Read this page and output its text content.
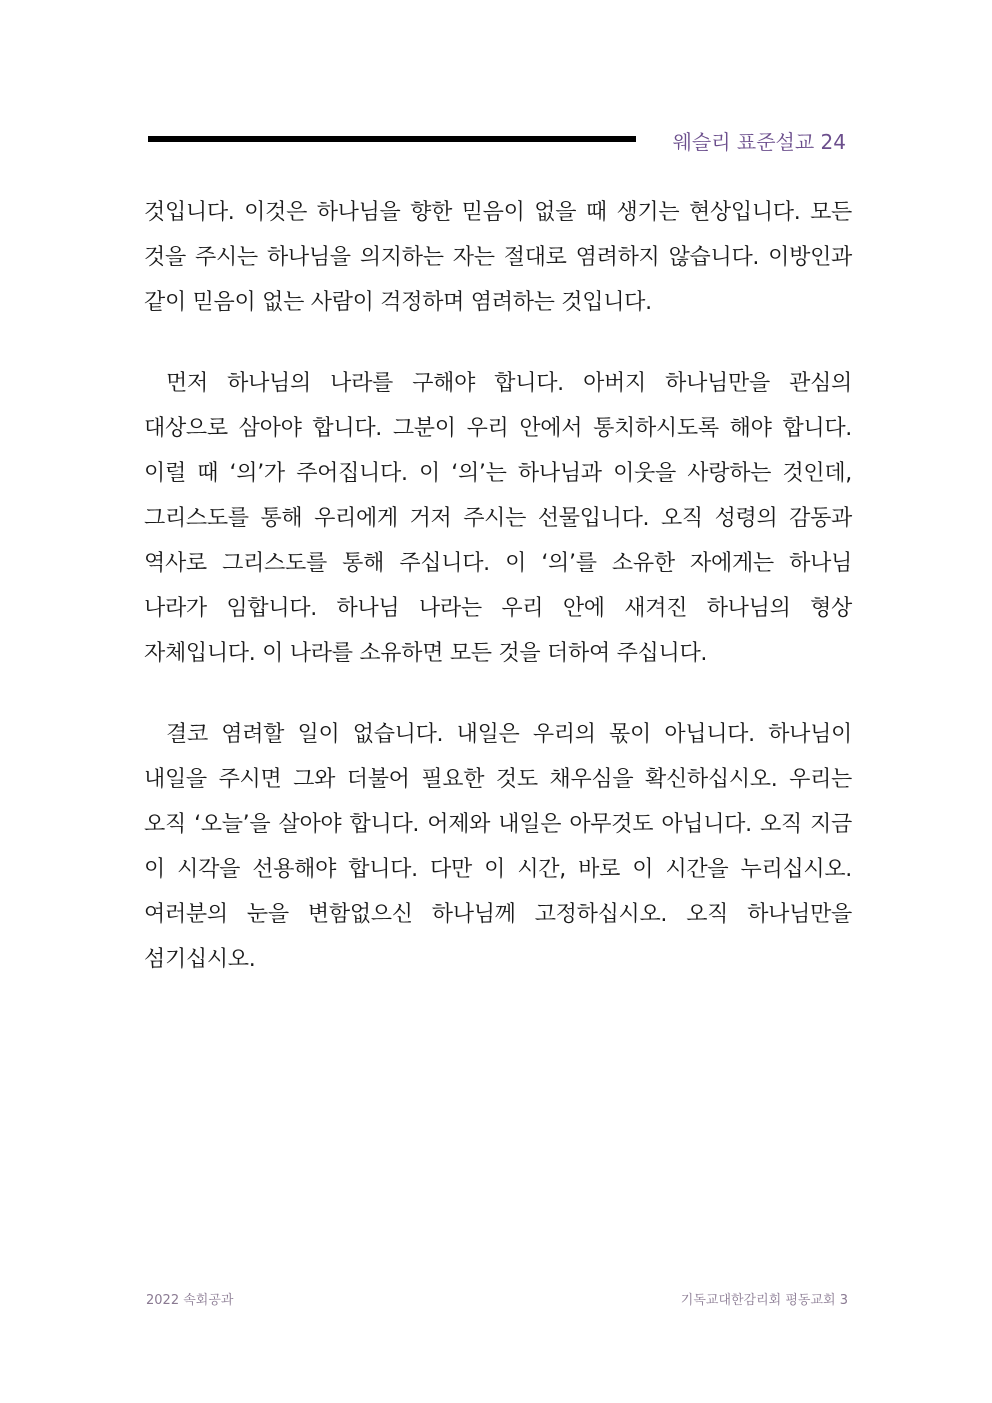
웨슬리 표준설교 24

것입니다. 이것은 하나님을 향한 믿음이 없을 때 생기는 현상입니다. 모든 것을 주시는 하나님을 의지하는 자는 절대로 염려하지 않습니다. 이방인과 같이 믿음이 없는 사람이 걱정하며 염려하는 것입니다.

먼저 하나님의 나라를 구해야 합니다. 아버지 하나님만을 관심의 대상으로 삼아야 합니다. 그분이 우리 안에서 통치하시도록 해야 합니다. 이럴 때 ‘의’가 주어집니다. 이 ‘의’는 하나님과 이웃을 사랑하는 것인데, 그리스도를 통해 우리에게 거저 주시는 선물입니다. 오직 성령의 감동과 역사로 그리스도를 통해 주십니다. 이 ‘의’를 소유한 자에게는 하나님 나라가 임합니다. 하나님 나라는 우리 안에 새겨진 하나님의 형상 자체입니다. 이 나라를 소유하면 모든 것을 더하여 주십니다.

결코 염려할 일이 없습니다. 내일은 우리의 몫이 아닙니다. 하나님이 내일을 주시면 그와 더불어 필요한 것도 채우심을 확신하십시오. 우리는 오직 ‘오늘’을 살아야 합니다. 어제와 내일은 아무것도 아닙니다. 오직 지금 이 시각을 선용해야 합니다. 다만 이 시간, 바로 이 시간을 누리십시오. 여러분의 눈을 변함없으신 하나님께 고정하십시오. 오직 하나님만을 섬기십시오.

2022 속회공과	기독교대한감리회 평동교회 3
